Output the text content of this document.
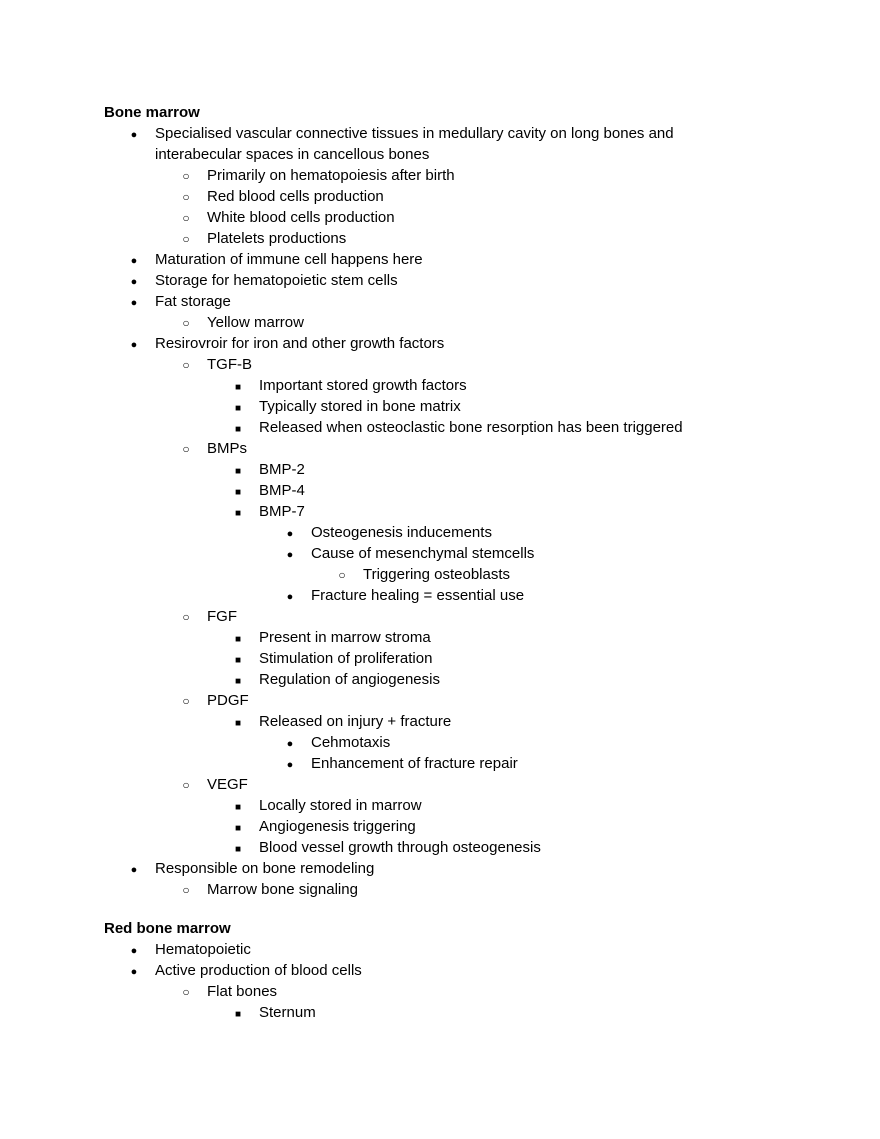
Bone marrow
●
Specialised vascular connective tissues in medullary cavity on long bones and
interabecular spaces in cancellous bones
○
Primarily on hematopoiesis after birth
○
Red blood cells production
○
White blood cells production
○
Platelets productions
●
Maturation of immune cell happens here
●
Storage for hematopoietic stem cells
●
Fat storage
○
Yellow marrow
●
Resirovroir for iron and other growth factors
○
TGF-B
■
Important stored growth factors
■
Typically stored in bone matrix
■
Released when osteoclastic bone resorption has been triggered
○
BMPs
■
BMP-2
■
BMP-4
■
BMP-7
●
Osteogenesis inducements
●
Cause of mesenchymal stemcells
○
Triggering osteoblasts
●
Fracture healing = essential use
○
FGF
■
Present in marrow stroma
■
Stimulation of proliferation
■
Regulation of angiogenesis
○
PDGF
■
Released on injury + fracture
●
Cehmotaxis
●
Enhancement of fracture repair
○
VEGF
■
Locally stored in marrow
■
Angiogenesis triggering
■
Blood vessel growth through osteogenesis
●
Responsible on bone remodeling
○
Marrow bone signaling
Red bone marrow
●
Hematopoietic
●
Active production of blood cells
○
Flat bones
■
Sternum
